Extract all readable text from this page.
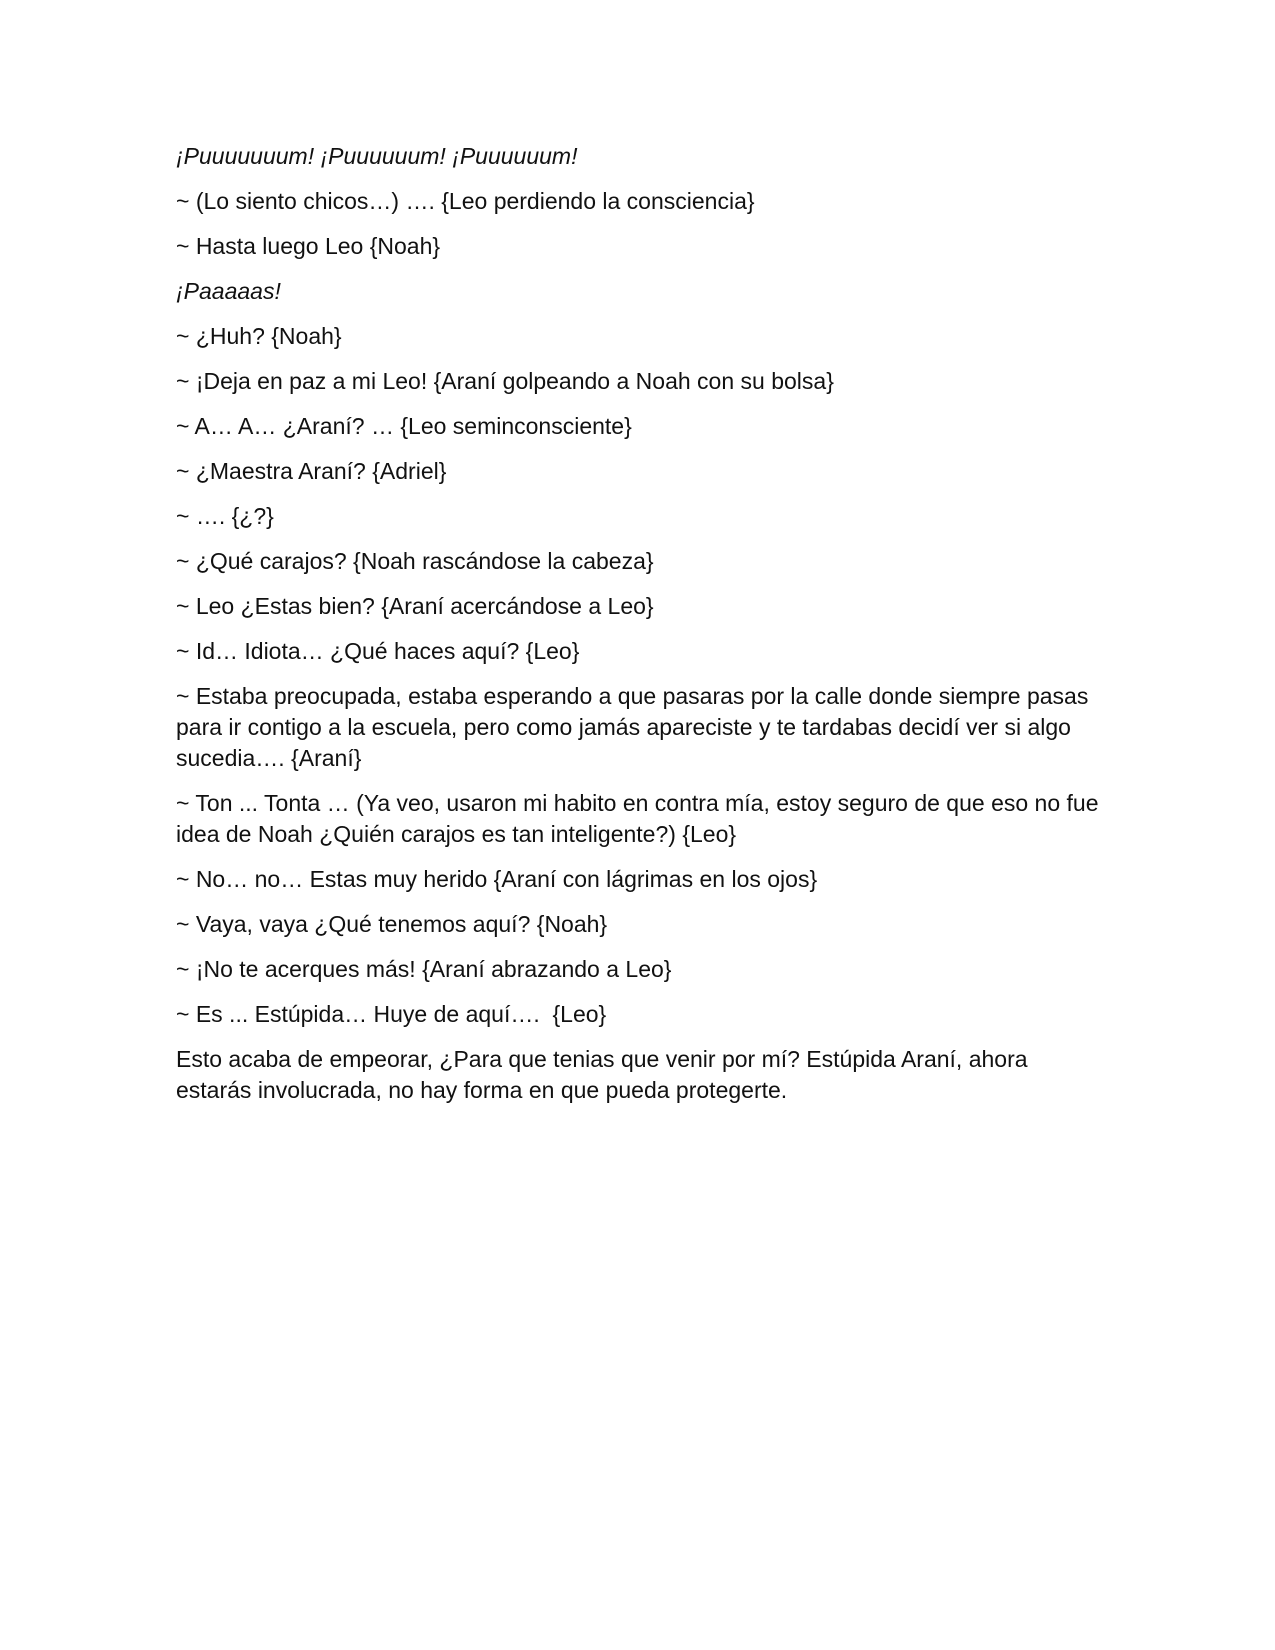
¡Puuuuuuum! ¡Puuuuuum! ¡Puuuuuum!

~ (Lo siento chicos…) …. {Leo perdiendo la consciencia}

~ Hasta luego Leo {Noah}

¡Paaaaas!

~ ¿Huh? {Noah}

~ ¡Deja en paz a mi Leo! {Araní golpeando a Noah con su bolsa}

~ A… A… ¿Araní? … {Leo seminconsciente}

~ ¿Maestra Araní? {Adriel}

~ …. {¿?}

~ ¿Qué carajos? {Noah rascándose la cabeza}

~ Leo ¿Estas bien? {Araní acercándose a Leo}

~ Id… Idiota… ¿Qué haces aquí? {Leo}

~ Estaba preocupada, estaba esperando a que pasaras por la calle donde siempre pasas para ir contigo a la escuela, pero como jamás apareciste y te tardabas decidí ver si algo sucedia…. {Araní}

~ Ton ... Tonta … (Ya veo, usaron mi habito en contra mía, estoy seguro de que eso no fue idea de Noah ¿Quién carajos es tan inteligente?) {Leo}

~ No… no… Estas muy herido {Araní con lágrimas en los ojos}

~ Vaya, vaya ¿Qué tenemos aquí? {Noah}

~ ¡No te acerques más! {Araní abrazando a Leo}

~ Es ... Estúpida… Huye de aquí….  {Leo}

Esto acaba de empeorar, ¿Para que tenias que venir por mí? Estúpida Araní, ahora estarás involucrada, no hay forma en que pueda protegerte.
